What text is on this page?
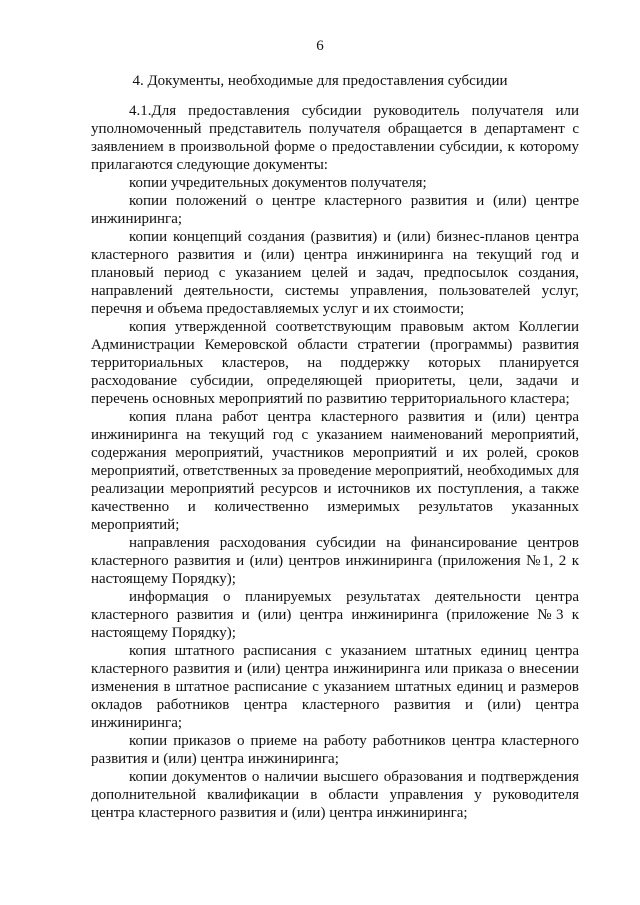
6
4. Документы, необходимые для предоставления субсидии

4.1.Для предоставления субсидии руководитель получателя или уполномоченный представитель получателя обращается в департамент с заявлением в произвольной форме о предоставлении субсидии, к которому прилагаются следующие документы:

копии учредительных документов получателя;

копии положений о центре кластерного развития и (или) центре инжиниринга;

копии концепций создания (развития) и (или) бизнес-планов центра кластерного развития и (или) центра инжиниринга на текущий год и плановый период с указанием целей и задач, предпосылок создания, направлений деятельности, системы управления, пользователей услуг, перечня и объема предоставляемых услуг и их стоимости;

копия утвержденной соответствующим правовым актом Коллегии Администрации Кемеровской области стратегии (программы) развития территориальных кластеров, на поддержку которых планируется расходование субсидии, определяющей приоритеты, цели, задачи и перечень основных мероприятий по развитию территориального кластера;

копия плана работ центра кластерного развития и (или) центра инжиниринга на текущий год с указанием наименований мероприятий, содержания мероприятий, участников мероприятий и их ролей, сроков мероприятий, ответственных за проведение мероприятий, необходимых для реализации мероприятий ресурсов и источников их поступления, а также качественно и количественно измеримых результатов указанных мероприятий;

направления расходования субсидии на финансирование центров кластерного развития и (или) центров инжиниринга (приложения №1, 2 к настоящему Порядку);

информация о планируемых результатах деятельности центра кластерного развития и (или) центра инжиниринга (приложение №3 к настоящему Порядку);

копия штатного расписания с указанием штатных единиц центра кластерного развития и (или) центра инжиниринга или приказа о внесении изменения в штатное расписание с указанием штатных единиц и размеров окладов работников центра кластерного развития и (или) центра инжиниринга;

копии приказов о приеме на работу работников центра кластерного развития и (или) центра инжиниринга;

копии документов о наличии высшего образования и подтверждения дополнительной квалификации в области управления у руководителя центра кластерного развития и (или) центра инжиниринга;
